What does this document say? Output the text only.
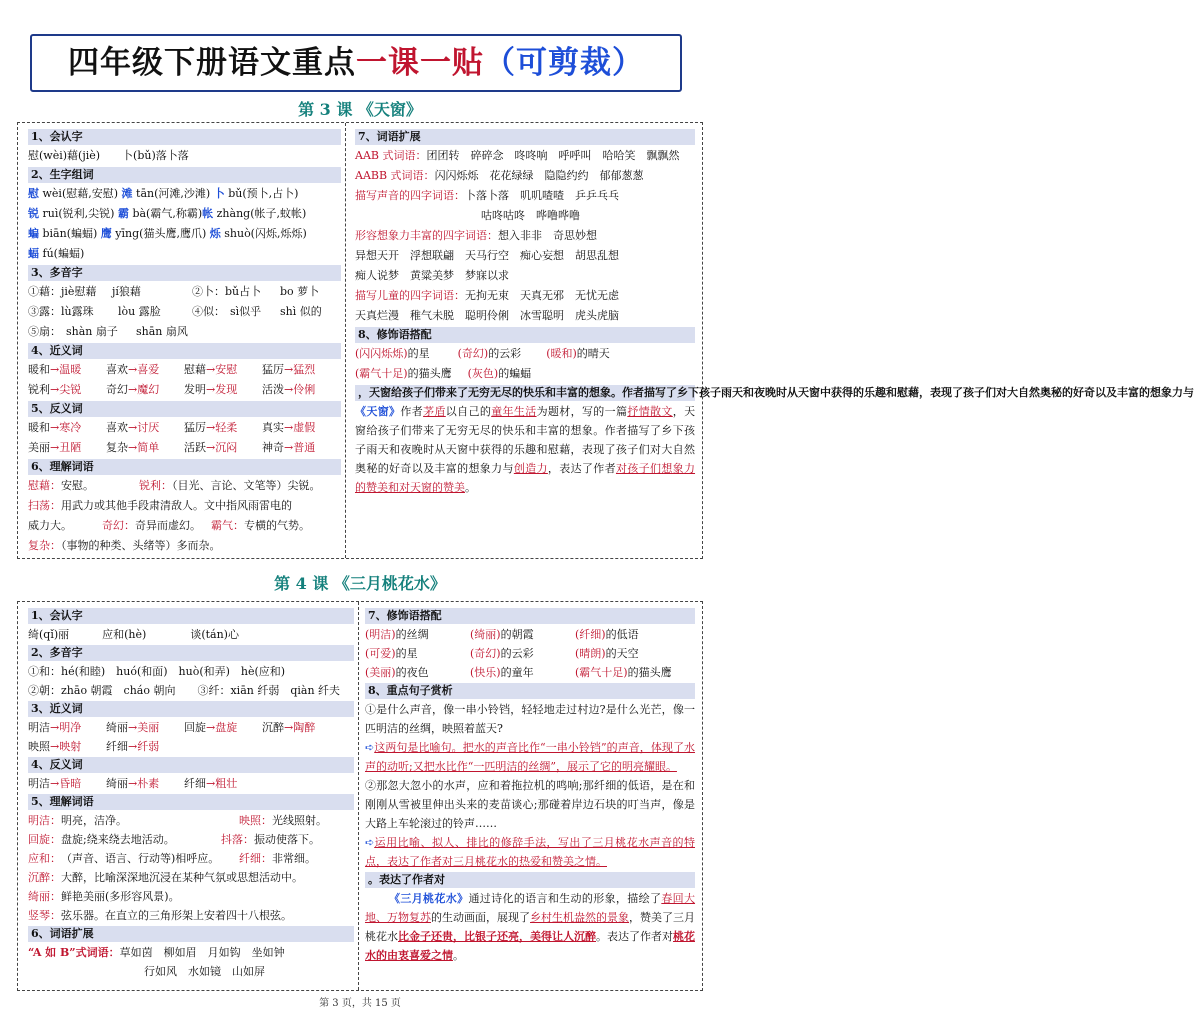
四年级下册语文重点一课一贴（可剪裁）
第 3 课 《天窗》
1、会认字
慰(wèi)藉(jiè)　　卜(bǔ)落卜落
2、生字组词
慰 wèi(慰藉,安慰) 滩 tān(河滩,沙滩) 卜 bǔ(预卜,占卜)
锐 ruì(锐利,尖锐) 霸 bà(霸气,称霸)帐 zhàng(帐子,蚊帐)
蝙 biān(蝙蝠) 鹰 yīng(猫头鹰,鹰爪) 烁 shuò(闪烁,烁烁)
蝠 fú(蝙蝠)
3、多音字
①藉：jiè慰藉 jí狼藉	②卜：bǔ占卜 bo 萝卜
③露：lù露珠 lòu 露脸	④似： sì似乎 shì 似的
⑤扇： shàn 扇子 shān 扇风
4、近义词
暖和→温暖 喜欢→喜爱 慰藉→安慰 猛厉→猛烈
锐利→尖锐 奇幻→魔幻 发明→发现 活泼→伶俐
5、反义词
暖和→寒冷 喜欢→讨厌 猛厉→轻柔 真实→虚假
美丽→丑陋 复杂→简单 活跃→沉闷 神奇→普通
6、理解词语
慰藉：安慰。	锐利：（目光、言论、文笔等）尖锐。
扫荡：用武力或其他手段肃清敌人。文中指风雨雷电的
威力大。	奇幻：奇异而虚幻。 霸气：专横的气势。
复杂：（事物的种类、头绪等）多而杂。
7、词语扩展
AAB 式词语：团团转　碎碎念　咚咚响　呼呼叫　哈哈笑　飘飘然
AABB 式词语：闪闪烁烁　花花绿绿　隐隐约约　郁郁葱葱
描写声音的四字词语：卜落卜落　叽叽喳喳　乒乒乓乓
咕咚咕咚　哗噜哗噜
形容想象力丰富的四字词语：想入非非　奇思妙想
异想天开　浮想联翩　天马行空　痴心妄想　胡思乱想
痴人说梦　黄粱美梦　梦寐以求
描写儿童的四字词语：无拘无束　天真无邪　无忧无虑
天真烂漫　稚气未脱　聪明伶俐　冰雪聪明　虎头虎脑
8、修饰语搭配
(闪闪烁烁)的星	(奇幻)的云彩 (暖和)的晴天
(霸气十足)的猫头鹰 (灰色)的蝙蝠
，天窗给孩子们带来了无穷无尽的快乐和丰富的想象。作者描写了乡下孩子雨天和夜晚时从天窗中获得的乐趣和慰藉，表现了孩子们对大自然奥秘的好奇以及丰富的想象力与
《天窗》作者茅盾以自己的童年生活为题材，写的一篇抒情散文，天窗给孩子们带来了无穷无尽的快乐和丰富的想象。作者描写了乡下孩子雨天和夜晚时从天窗中获得的乐趣和慰藉，表现了孩子们对大自然奥秘的好奇以及丰富的想象力与创造力，表达了作者对孩子们想象力的赞美和对天窗的赞美。
第 4 课 《三月桃花水》
1、会认字
绮(qǐ)丽　　　应和(hè)　　　　谈(tán)心
2、多音字
①和：hé(和睦)　huó(和面)　huò(和弄)　hè(应和)
②朝：zhāo 朝霞　cháo 朝向　　③纤：xiān 纤弱　qiàn 纤夫
3、近义词
明洁→明净 绮丽→美丽 回旋→盘旋 沉醉→陶醉
映照→映射 纤细→纤弱
4、反义词
明洁→昏暗 绮丽→朴素 纤细→粗壮
5、理解词语
明洁：明亮，洁净。	映照：光线照射。
回旋：盘旋;绕来绕去地活动。	抖落：振动使落下。
应和：（声音、语言、行动等)相呼应。 纤细：非常细。
沉醉：大醉，比喻深深地沉浸在某种气氛或思想活动中。
绮丽：鲜艳美丽(多形容风景)。
竖琴：弦乐器。在直立的三角形架上安着四十八根弦。
6、词语扩展
“A 如 B”式词语：草如茵　柳如眉　月如钩　坐如钟
行如风　水如镜　山如屏
7、修饰语搭配
(明洁)的丝绸	(绮丽)的朝霞	(纤细)的低语
(可爱)的星	(奇幻)的云彩	(晴朗)的天空
(美丽)的夜色	(快乐)的童年	(霸气十足)的猫头鹰
8、重点句子赏析
①是什么声音，像一串小铃铛，轻轻地走过村边?是什么光芒，像一匹明洁的丝绸，映照着蓝天?
➪这两句是比喻句。把水的声音比作“一串小铃铛”的声音，体现了水声的动听;又把水比作“一匹明洁的丝绸”，展示了它的明亮耀眼。
②那忽大忽小的水声，应和着拖拉机的鸣响;那纤细的低语，是在和刚刚从雪被里伸出头来的麦苗谈心;那碰着岸边石块的叮当声，像是大路上车轮滚过的铃声……
➪运用比喻、拟人、排比的修辞手法，写出了三月桃花水声音的特点，表达了作者对三月桃花水的热爱和赞美之情。
。表达了作者对
《三月桃花水》通过诗化的语言和生动的形象，描绘了春回大地、万物复苏的生动画面，展现了乡村生机盎然的景象，赞美了三月桃花水比金子还贵，比银子还亮，美得让人沉醉。表达了作者对桃花水的由衷喜爱之情。
第 3 页，共 15 页
